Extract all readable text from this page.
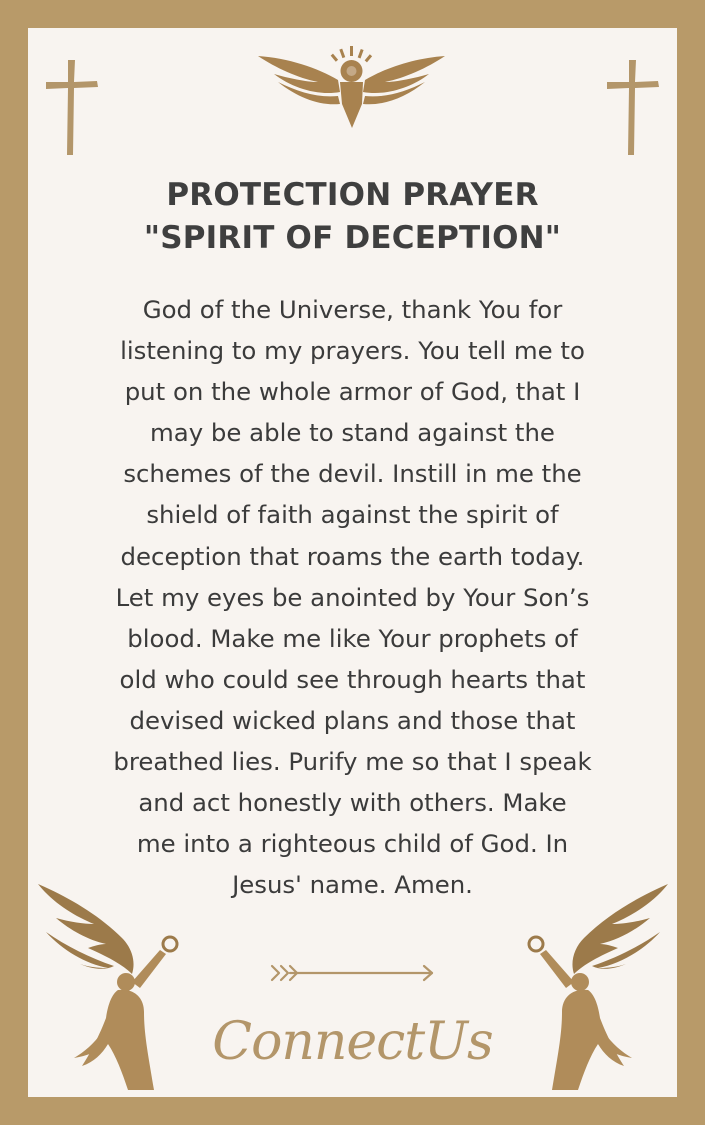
PROTECTION PRAYER
"SPIRIT OF DECEPTION"
God of the Universe, thank You for
listening to my prayers. You tell me to
put on the whole armor of God, that I
may be able to stand against the
schemes of the devil. Instill in me the
shield of faith against the spirit of
deception that roams the earth today.
Let my eyes be anointed by Your Son’s
blood. Make me like Your prophets of
old who could see through hearts that
devised wicked plans and those that
breathed lies. Purify me so that I speak
and act honestly with others. Make
me into a righteous child of God. In
Jesus' name. Amen.
ConnectUs
